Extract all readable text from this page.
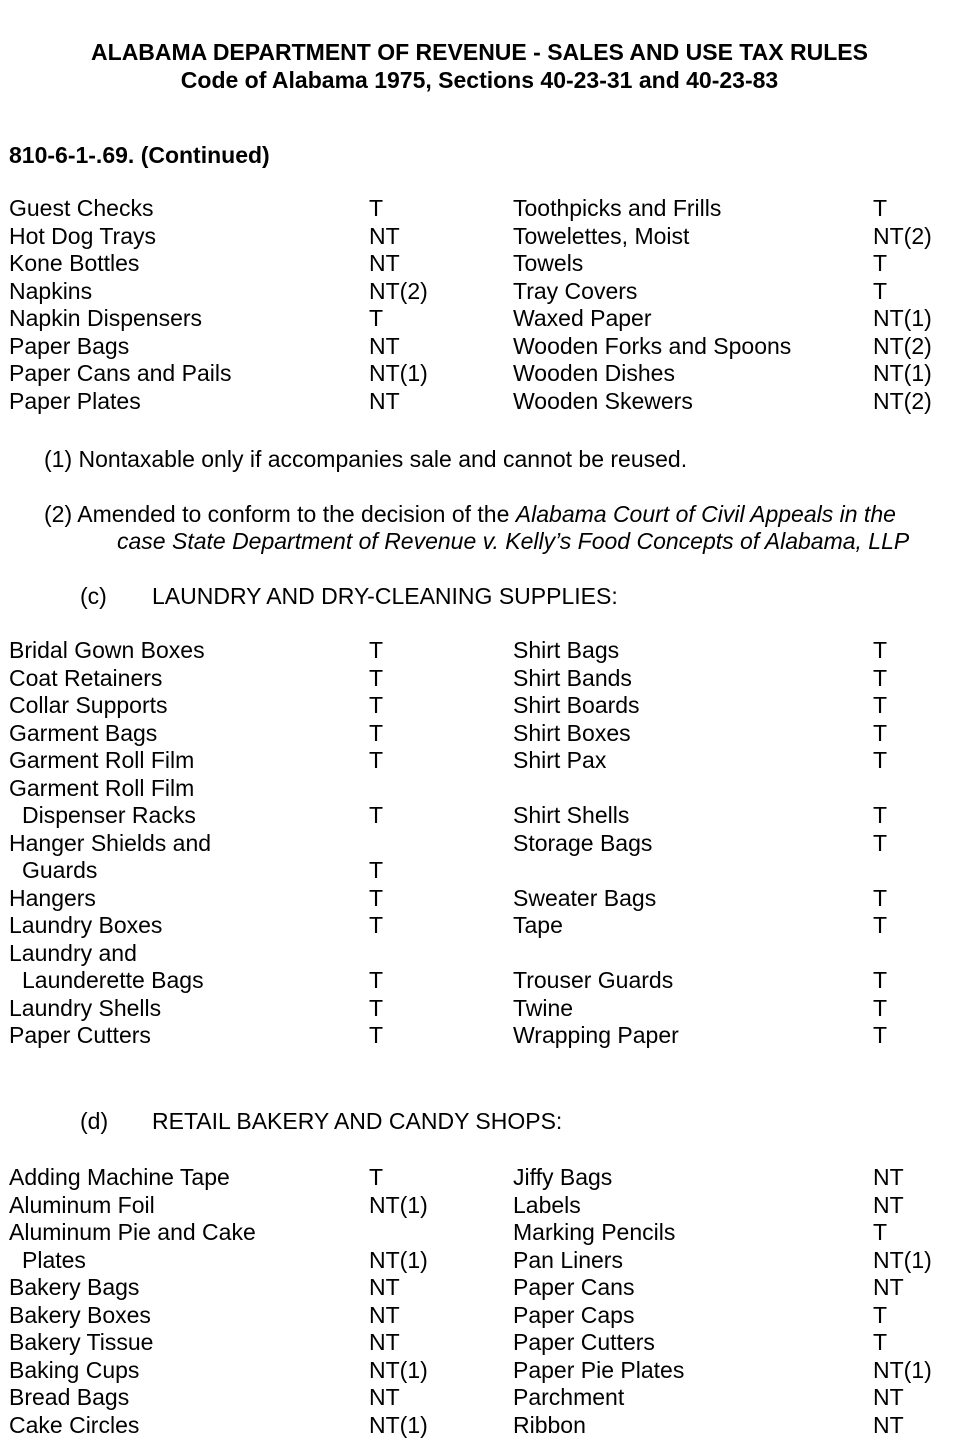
ALABAMA DEPARTMENT OF REVENUE - SALES AND USE TAX RULES
Code of Alabama 1975, Sections 40-23-31 and 40-23-83
810-6-1-.69. (Continued)
Guest Checks	T	Toothpicks and Frills	T
Hot Dog Trays	NT	Towelettes, Moist	NT(2)
Kone Bottles	NT	Towels	T
Napkins	NT(2)	Tray Covers	T
Napkin Dispensers	T	Waxed Paper	NT(1)
Paper Bags	NT	Wooden Forks and Spoons	NT(2)
Paper Cans and Pails	NT(1)	Wooden Dishes	NT(1)
Paper Plates	NT	Wooden Skewers	NT(2)
(1) Nontaxable only if accompanies sale and cannot be reused.
(2) Amended to conform to the decision of the Alabama Court of Civil Appeals in the
case State Department of Revenue v. Kelly’s Food Concepts of Alabama, LLP
(c) LAUNDRY AND DRY-CLEANING SUPPLIES:
Bridal Gown Boxes	T	Shirt Bags	T
Coat Retainers	T	Shirt Bands	T
Collar Supports	T	Shirt Boards	T
Garment Bags	T	Shirt Boxes	T
Garment Roll Film	T	Shirt Pax	T
Garment Roll Film
Dispenser Racks	T	Shirt Shells	T
Hanger Shields and	Storage Bags	T
Guards	T
Hangers	T	Sweater Bags	T
Laundry Boxes	T	Tape	T
Laundry and
Launderette Bags	T	Trouser Guards	T
Laundry Shells	T	Twine	T
Paper Cutters	T	Wrapping Paper	T
(d) RETAIL BAKERY AND CANDY SHOPS:
Adding Machine Tape	T	Jiffy Bags	NT
Aluminum Foil	NT(1)	Labels	NT
Aluminum Pie and Cake	Marking Pencils	T
Plates	NT(1)	Pan Liners	NT(1)
Bakery Bags	NT	Paper Cans	NT
Bakery Boxes	NT	Paper Caps	T
Bakery Tissue	NT	Paper Cutters	T
Baking Cups	NT(1)	Paper Pie Plates	NT(1)
Bread Bags	NT	Parchment	NT
Cake Circles	NT(1)	Ribbon	NT
